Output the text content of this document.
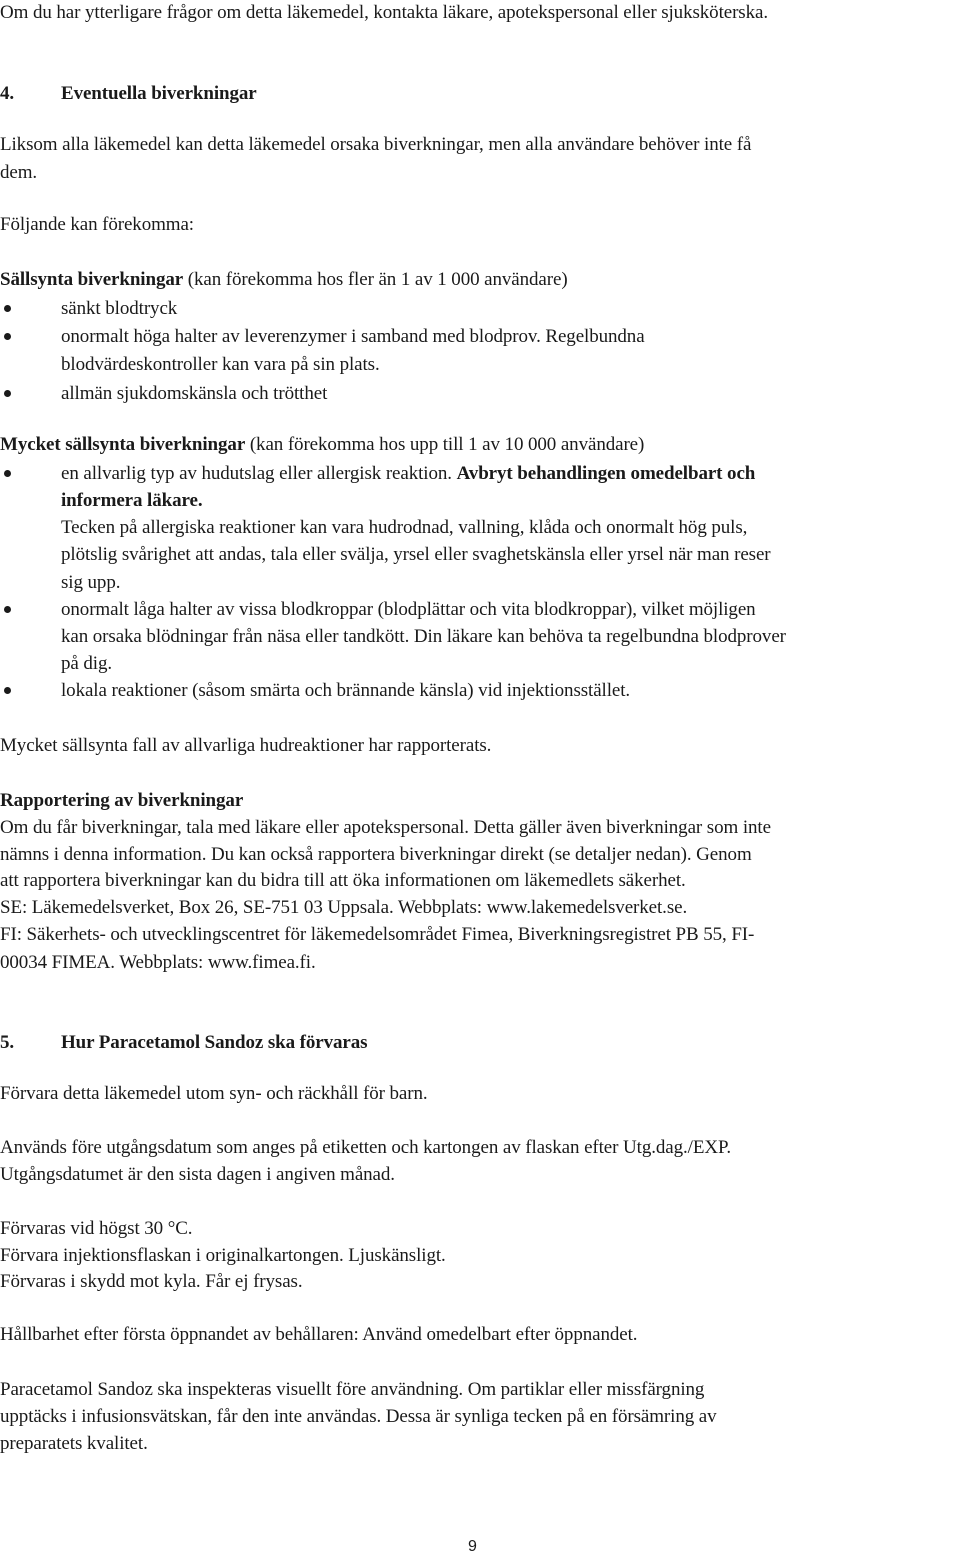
Om du har ytterligare frågor om detta läkemedel, kontakta läkare, apotekspersonal eller sjuksköterska.
4. Eventuella biverkningar
Liksom alla läkemedel kan detta läkemedel orsaka biverkningar, men alla användare behöver inte få
dem.
Följande kan förekomma:
Sällsynta biverkningar (kan förekomma hos fler än 1 av 1 000 användare)
sänkt blodtryck
onormalt höga halter av leverenzymer i samband med blodprov. Regelbundna
blodvärdeskontroller kan vara på sin plats.
allmän sjukdomskänsla och trötthet
Mycket sällsynta biverkningar (kan förekomma hos upp till 1 av 10 000 användare)
en allvarlig typ av hudutslag eller allergisk reaktion. Avbryt behandlingen omedelbart och
informera läkare.
Tecken på allergiska reaktioner kan vara hudrodnad, vallning, klåda och onormalt hög puls,
plötslig svårighet att andas, tala eller svälja, yrsel eller svaghetskänsla eller yrsel när man reser
sig upp.
onormalt låga halter av vissa blodkroppar (blodplättar och vita blodkroppar), vilket möjligen
kan orsaka blödningar från näsa eller tandkött. Din läkare kan behöva ta regelbundna blodprover
på dig.
lokala reaktioner (såsom smärta och brännande känsla) vid injektionsstället.
Mycket sällsynta fall av allvarliga hudreaktioner har rapporterats.
Rapportering av biverkningar
Om du får biverkningar, tala med läkare eller apotekspersonal. Detta gäller även biverkningar som inte
nämns i denna information. Du kan också rapportera biverkningar direkt (se detaljer nedan). Genom
att rapportera biverkningar kan du bidra till att öka informationen om läkemedlets säkerhet.
SE: Läkemedelsverket, Box 26, SE-751 03 Uppsala. Webbplats: www.lakemedelsverket.se.
FI: Säkerhets- och utvecklingscentret för läkemedelsområdet Fimea, Biverkningsregistret PB 55, FI-
00034 FIMEA. Webbplats: www.fimea.fi.
5. Hur Paracetamol Sandoz ska förvaras
Förvara detta läkemedel utom syn- och räckhåll för barn.
Används före utgångsdatum som anges på etiketten och kartongen av flaskan efter Utg.dag./EXP.
Utgångsdatumet är den sista dagen i angiven månad.
Förvaras vid högst 30 °C.
Förvara injektionsflaskan i originalkartongen. Ljuskänsligt.
Förvaras i skydd mot kyla. Får ej frysas.
Hållbarhet efter första öppnandet av behållaren: Använd omedelbart efter öppnandet.
Paracetamol Sandoz ska inspekteras visuellt före användning. Om partiklar eller missfärgning
upptäcks i infusionsvätskan, får den inte användas. Dessa är synliga tecken på en försämring av
preparatets kvalitet.
9
